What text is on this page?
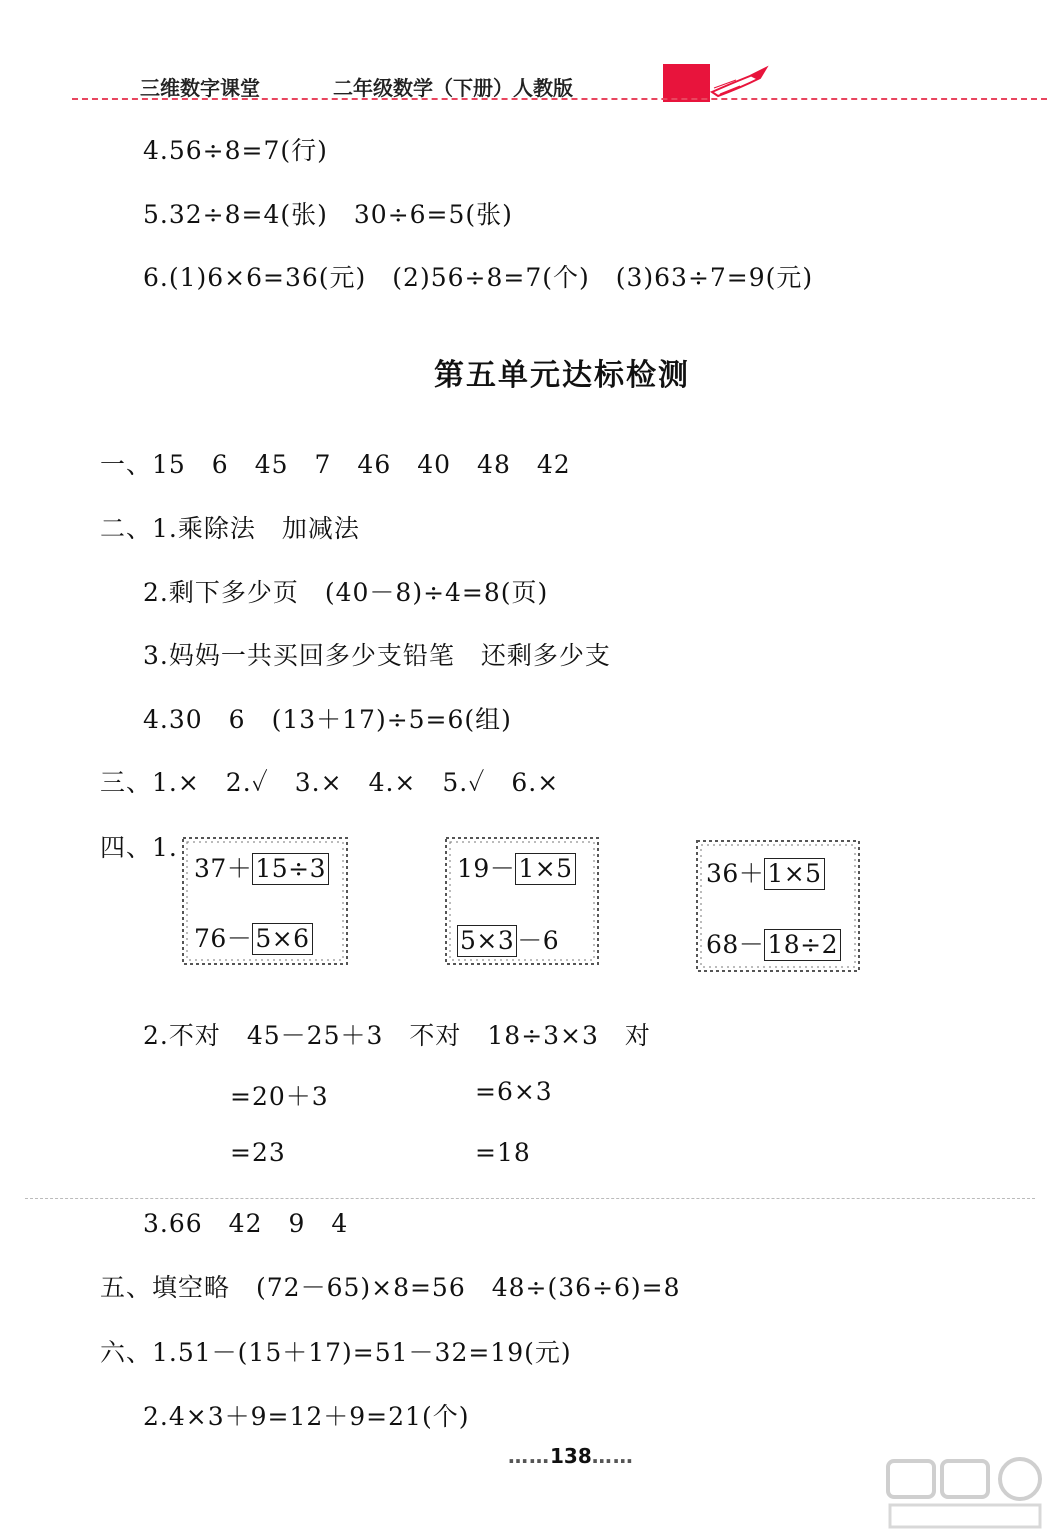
三维数字课堂	二年级数学（下册）人教版
4.56÷8=7(行)
5.32÷8=4(张)　30÷6=5(张)
6.(1)6×6=36(元)　(2)56÷8=7(个)　(3)63÷7=9(元)
第五单元达标检测
一、15　6　45　7　46　40　48　42
二、1.乘除法　加减法
2.剩下多少页　(40－8)÷4=8(页)
3.妈妈一共买回多少支铅笔　还剩多少支
4.30　6　(13＋17)÷5=6(组)
三、1.×　2.✓　3.×　4.×　5.✓　6.×
四、1.
37＋ 15÷3
76－ 5×6
19－ 1×5
5×3 －6
36＋ 1×5
68－ 18÷2
2.不对　45－25＋3　不对　18÷3×3　对
=20＋3	=6×3
=23	=18
3.66　42　9　4
五、填空略　(72－65)×8=56　48÷(36÷6)=8
六、1.51－(15＋17)=51－32=19(元)
2.4×3＋9=12＋9=21(个)
……138……
